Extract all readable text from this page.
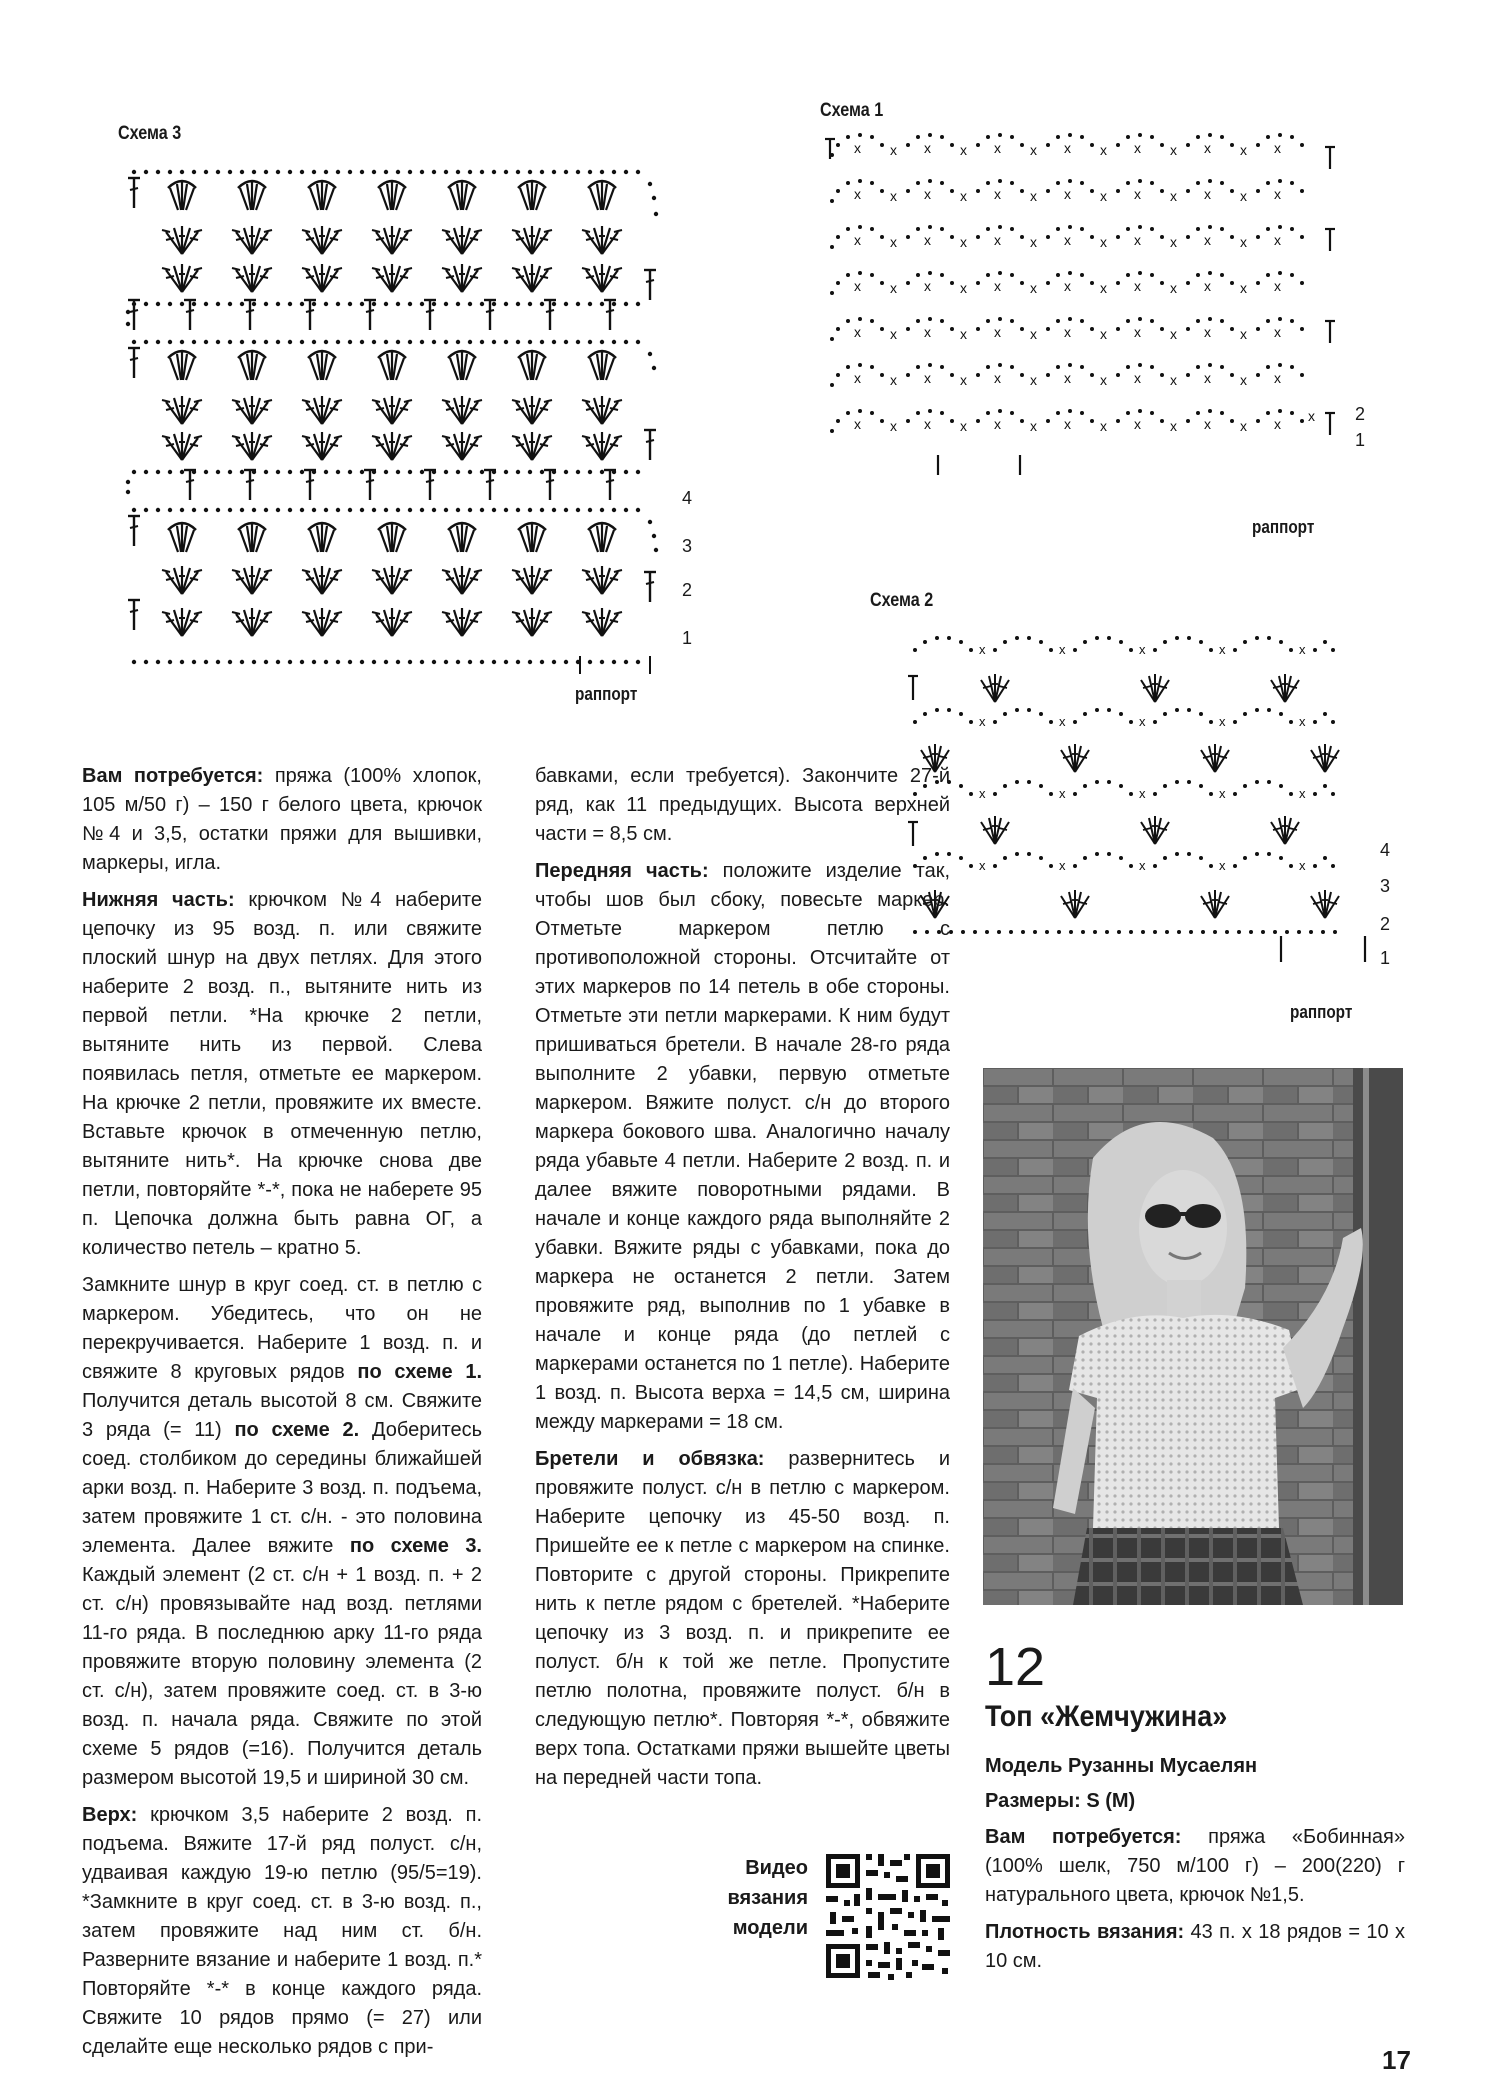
Схема 3
4
3
2
1
раппорт
Схема 1
x 2
1
раппорт
Схема 2
4
3
2
1
раппорт

Вам потребуется: пряжа (100% хлопок, 105 м/50 г) – 150 г белого цвета, крючок №4 и 3,5, остатки пряжи для вышивки, маркеры, игла.

Нижняя часть: крючком №4 наберите цепочку из 95 возд. п. или свяжите плоский шнур на двух петлях. Для этого наберите 2 возд. п., вытяните нить из первой петли. *На крючке 2 петли, вытяните нить из первой. Слева появилась петля, отметьте ее маркером. На крючке 2 петли, провяжите их вместе. Вставьте крючок в отмеченную петлю, вытяните нить*. На крючке снова две петли, повторяйте *-*, пока не наберете 95 п. Цепочка должна быть равна ОГ, а количество петель – кратно 5.

Замкните шнур в круг соед. ст. в петлю с маркером. Убедитесь, что он не перекручивается. Наберите 1 возд. п. и свяжите 8 круговых рядов по схеме 1. Получится деталь высотой 8 см. Свяжите 3 ряда (= 11) по схеме 2. Доберитесь соед. столбиком до середины ближайшей арки возд. п. Наберите 3 возд. п. подъема, затем провяжите 1 ст. с/н. - это половина элемента. Далее вяжите по схеме 3. Каждый элемент (2 ст. с/н + 1 возд. п. + 2 ст. с/н) провязывайте над возд. петлями 11-го ряда. В последнюю арку 11-го ряда провяжите вторую половину элемента (2 ст. с/н), затем провяжите соед. ст. в 3-ю возд. п. начала ряда. Свяжите по этой схеме 5 рядов (=16). Получится деталь размером высотой 19,5 и шириной 30 см.

Верх: крючком 3,5 наберите 2 возд. п. подъема. Вяжите 17-й ряд полуст. с/н, удваивая каждую 19-ю петлю (95/5=19). *Замкните в круг соед. ст. в 3-ю возд. п., затем провяжите над ним ст. б/н. Разверните вязание и наберите 1 возд. п.* Повторяйте *-* в конце каждого ряда. Свяжите 10 рядов прямо (= 27) или сделайте еще несколько рядов с при-

бавками, если требуется). Закончите 27-й ряд, как 11 предыдущих. Высота верхней части = 8,5 см.

Передняя часть: положите изделие так, чтобы шов был сбоку, повесьте маркер. Отметьте маркером петлю с противоположной стороны. Отсчитайте от этих маркеров по 14 петель в обе стороны. Отметьте эти петли маркерами. К ним будут пришиваться бретели. В начале 28-го ряда выполните 2 убавки, первую отметьте маркером. Вяжите полуст. с/н до второго маркера бокового шва. Аналогично началу ряда убавьте 4 петли. Наберите 2 возд. п. и далее вяжите поворотными рядами. В начале и конце каждого ряда выполняйте 2 убавки. Вяжите ряды с убавками, пока до маркера не останется 2 петли. Затем провяжите ряд, выполнив по 1 убавке в начале и конце ряда (до петлей с маркерами останется по 1 петле). Наберите 1 возд. п. Высота верха = 14,5 см, ширина между маркерами = 18 см.

Бретели и обвязка: развернитесь и провяжите полуст. с/н в петлю с маркером. Наберите цепочку из 45-50 возд. п. Пришейте ее к петле с маркером на спинке. Повторите с другой стороны. Прикрепите нить к петле рядом с бретелей. *Наберите цепочку из 3 возд. п. и прикрепите ее полуст. б/н к той же петле. Пропустите петлю полотна, провяжите полуст. б/н в следующую петлю*. Повторяя *-*, обвяжите верх топа. Остатками пряжи вышейте цветы на передней части топа.

Видео вязания модели
12
Топ «Жемчужина»
Модель Рузанны Мусаелян
Размеры: S (M)

Вам потребуется: пряжа «Бобинная» (100% шелк, 750 м/100 г) – 200(220) г натурального цвета, крючок №1,5.

Плотность вязания: 43 п. х 18 рядов = 10 х 10 см.

17
